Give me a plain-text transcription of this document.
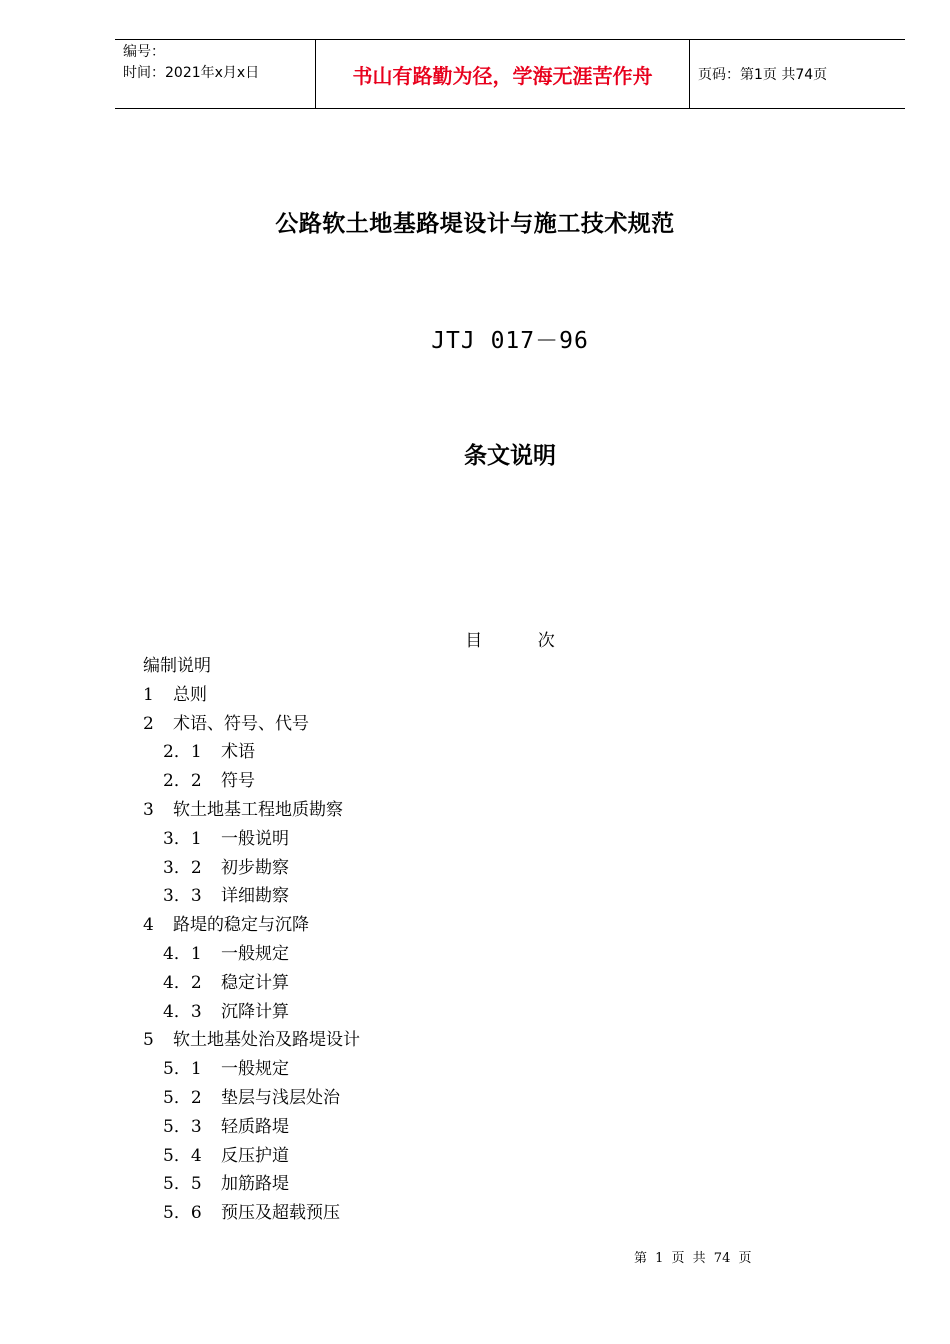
编号：
时间：2021年x月x日	书山有路勤为径，学海无涯苦作舟	页码：第1页 共74页
公路软土地基路堤设计与施工技术规范
JTJ 017－96
条文说明
目 次
编制说明
1 总则
2 术语、符号、代号
2．1 术语
2．2 符号
3 软土地基工程地质勘察
3．1 一般说明
3．2 初步勘察
3．3 详细勘察
4 路堤的稳定与沉降
4．1 一般规定
4．2 稳定计算
4．3 沉降计算
5 软土地基处治及路堤设计
5．1 一般规定
5．2 垫层与浅层处治
5．3 轻质路堤
5．4 反压护道
5．5 加筋路堤
5．6 预压及超载预压
第 1 页 共 74 页
